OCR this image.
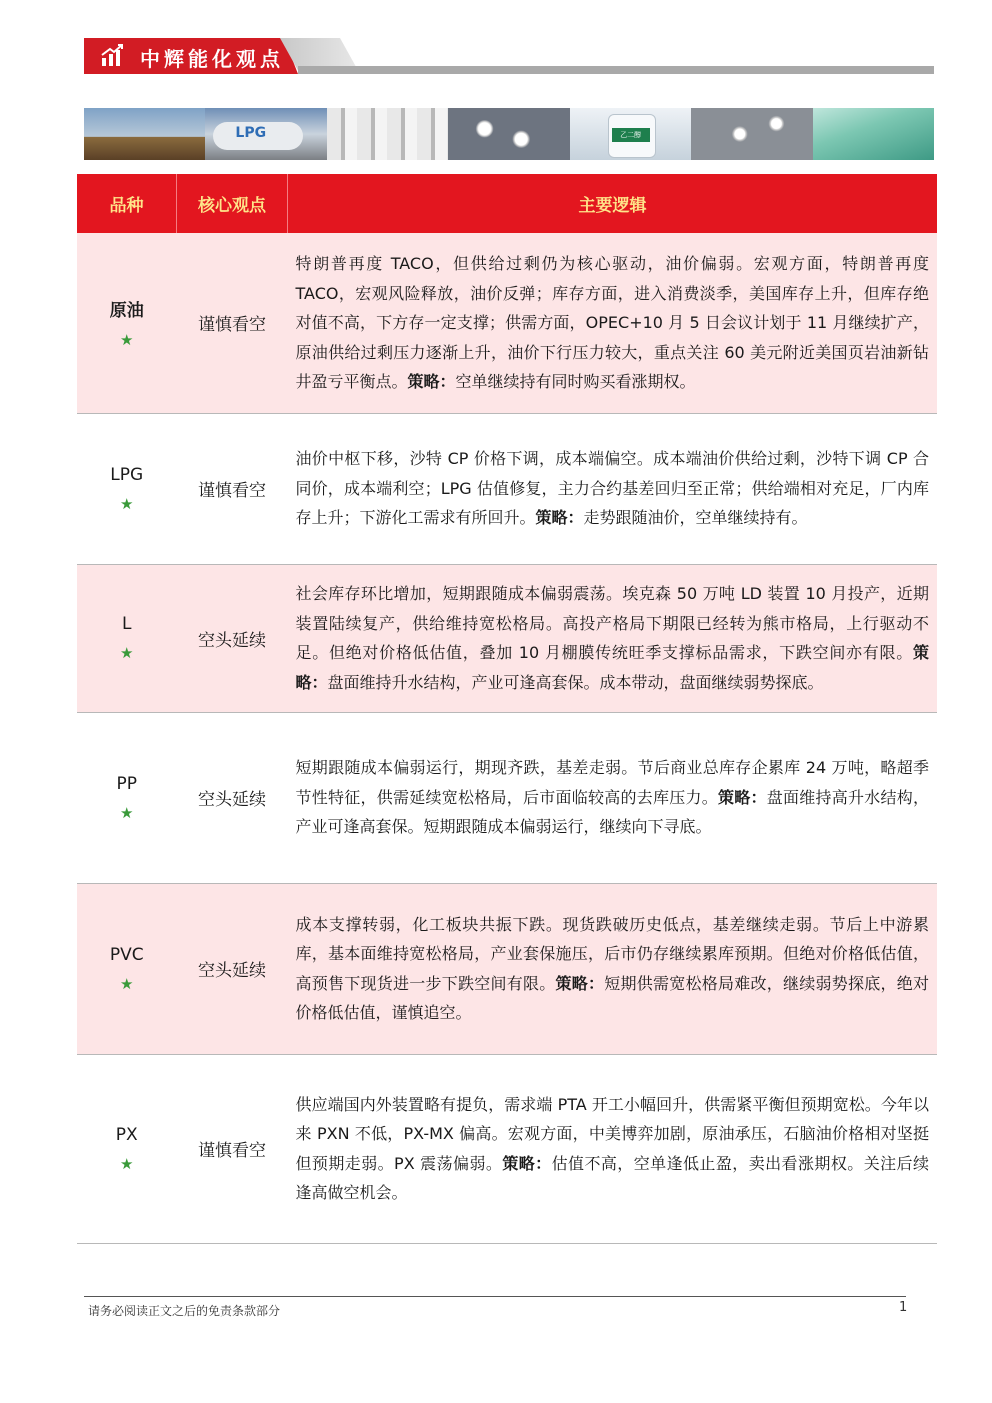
中辉能化观点
LPG	乙二醇
品种	核心观点	主要逻辑

原油
★	谨慎看空	特朗普再度 TACO，但供给过剩仍为核心驱动，油价偏弱。宏观方面，特朗普再度 TACO，宏观风险释放，油价反弹；库存方面，进入消费淡季，美国库存上升，但库存绝对值不高，下方存一定支撑；供需方面，OPEC+10 月 5 日会议计划于 11 月继续扩产，原油供给过剩压力逐渐上升，油价下行压力较大，重点关注 60 美元附近美国页岩油新钻井盈亏平衡点。策略：空单继续持有同时购买看涨期权。

LPG
★	谨慎看空	油价中枢下移，沙特 CP 价格下调，成本端偏空。成本端油价供给过剩，沙特下调 CP 合同价，成本端利空；LPG 估值修复，主力合约基差回归至正常；供给端相对充足，厂内库存上升；下游化工需求有所回升。策略：走势跟随油价，空单继续持有。

L
★	空头延续	社会库存环比增加，短期跟随成本偏弱震荡。埃克森 50 万吨 LD 装置 10 月投产，近期装置陆续复产，供给维持宽松格局。高投产格局下期限已经转为熊市格局，上行驱动不足。但绝对价格低估值，叠加 10 月棚膜传统旺季支撑标品需求，下跌空间亦有限。策略：盘面维持升水结构，产业可逢高套保。成本带动，盘面继续弱势探底。

PP
★	空头延续	短期跟随成本偏弱运行，期现齐跌，基差走弱。节后商业总库存企累库 24 万吨，略超季节性特征，供需延续宽松格局，后市面临较高的去库压力。策略：盘面维持高升水结构，产业可逢高套保。短期跟随成本偏弱运行，继续向下寻底。

PVC
★	空头延续	成本支撑转弱，化工板块共振下跌。现货跌破历史低点，基差继续走弱。节后上中游累库，基本面维持宽松格局，产业套保施压，后市仍存继续累库预期。但绝对价格低估值，高预售下现货进一步下跌空间有限。策略：短期供需宽松格局难改，继续弱势探底，绝对价格低估值，谨慎追空。

PX
★	谨慎看空	供应端国内外装置略有提负，需求端 PTA 开工小幅回升，供需紧平衡但预期宽松。今年以来 PXN 不低，PX-MX 偏高。宏观方面，中美博弈加剧，原油承压，石脑油价格相对坚挺但预期走弱。PX 震荡偏弱。策略：估值不高，空单逢低止盈，卖出看涨期权。关注后续逢高做空机会。
请务必阅读正文之后的免责条款部分	1
